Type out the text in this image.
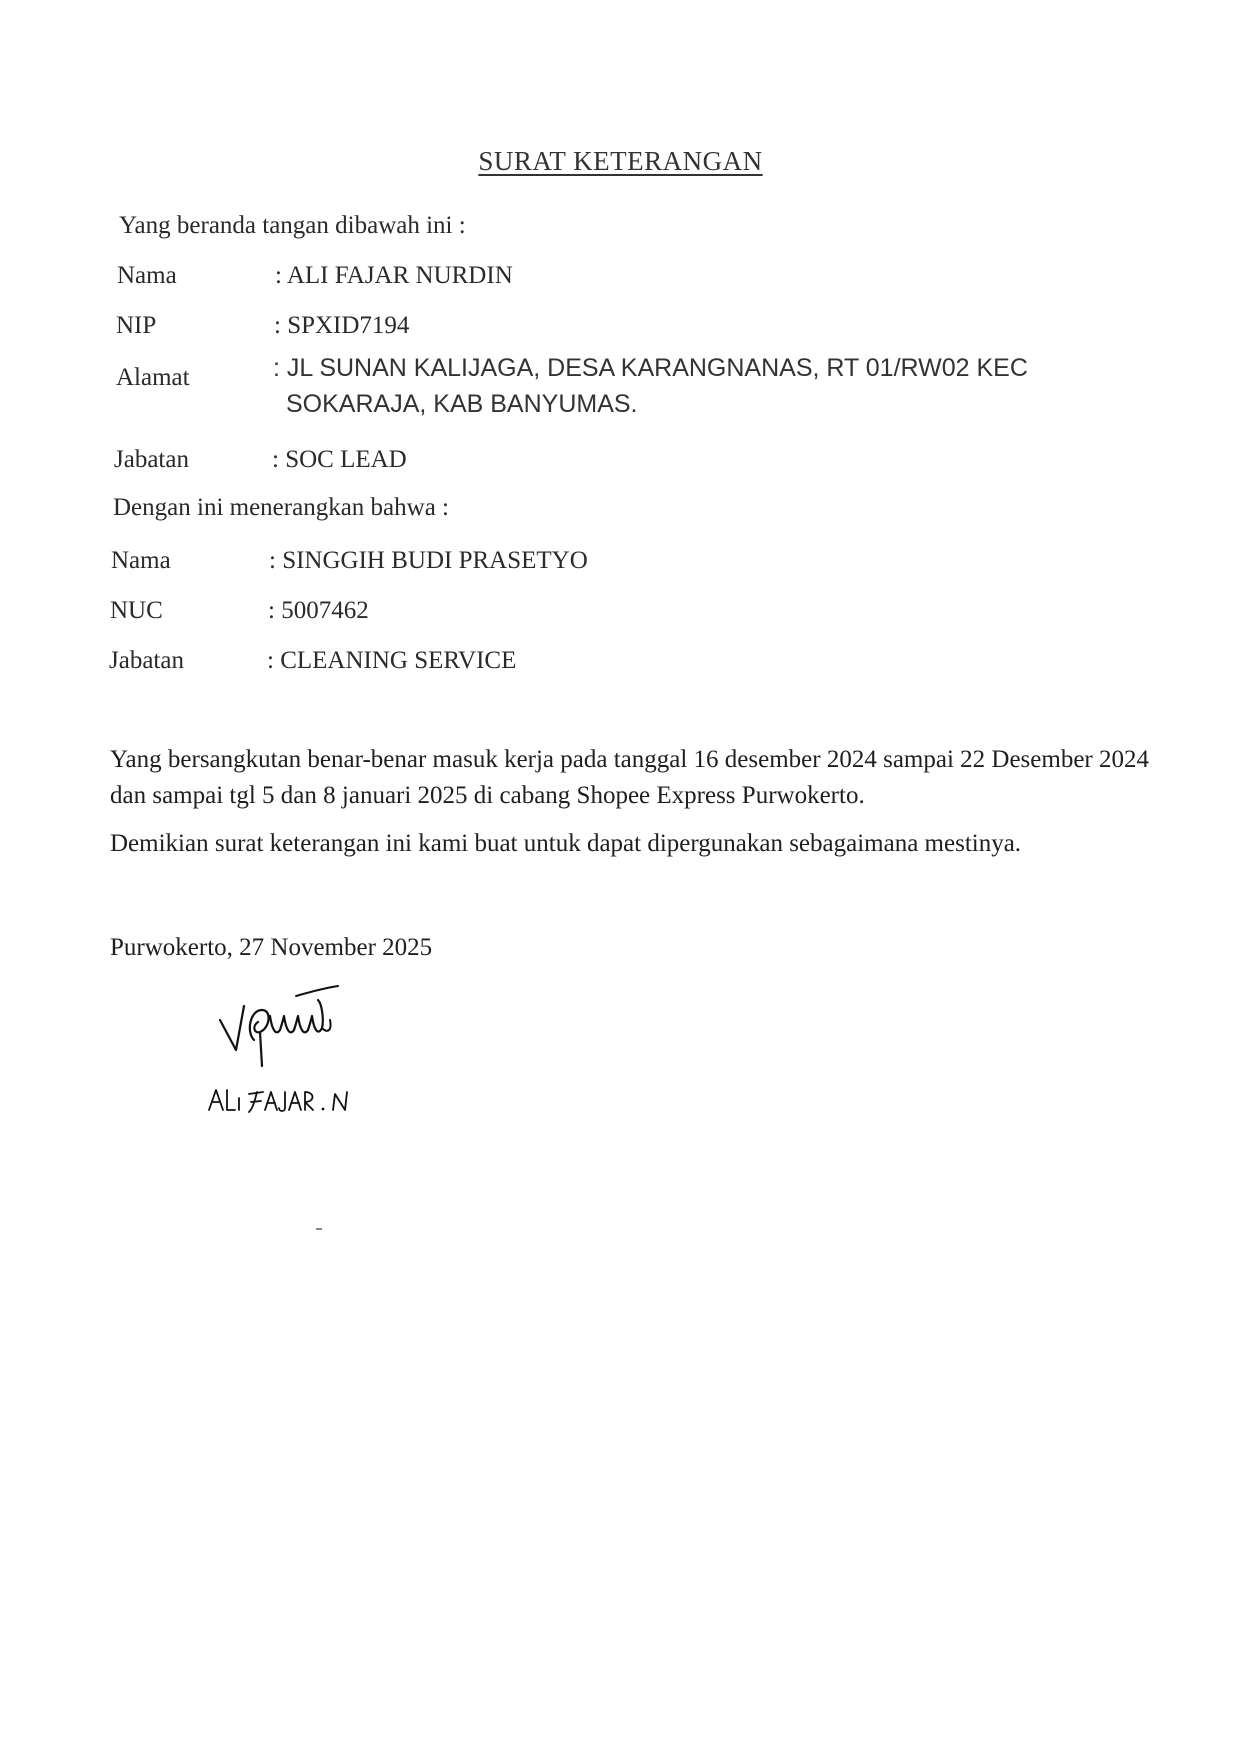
SURAT KETERANGAN
Yang beranda tangan dibawah ini :
Nama	: ALI FAJAR NURDIN
NIP	: SPXID7194
Alamat	: JL SUNAN KALIJAGA, DESA KARANGNANAS, RT 01/RW02 KEC
SOKARAJA, KAB BANYUMAS.
Jabatan	: SOC LEAD
Dengan ini menerangkan bahwa :
Nama	: SINGGIH BUDI PRASETYO
NUC	: 5007462
Jabatan	: CLEANING SERVICE
Yang bersangkutan benar-benar masuk kerja pada tanggal 16 desember 2024 sampai 22 Desember 2024 dan sampai tgl 5 dan 8 januari 2025 di cabang Shopee Express Purwokerto.
Demikian surat keterangan ini kami buat untuk dapat dipergunakan sebagaimana mestinya.
Purwokerto, 27 November 2025
